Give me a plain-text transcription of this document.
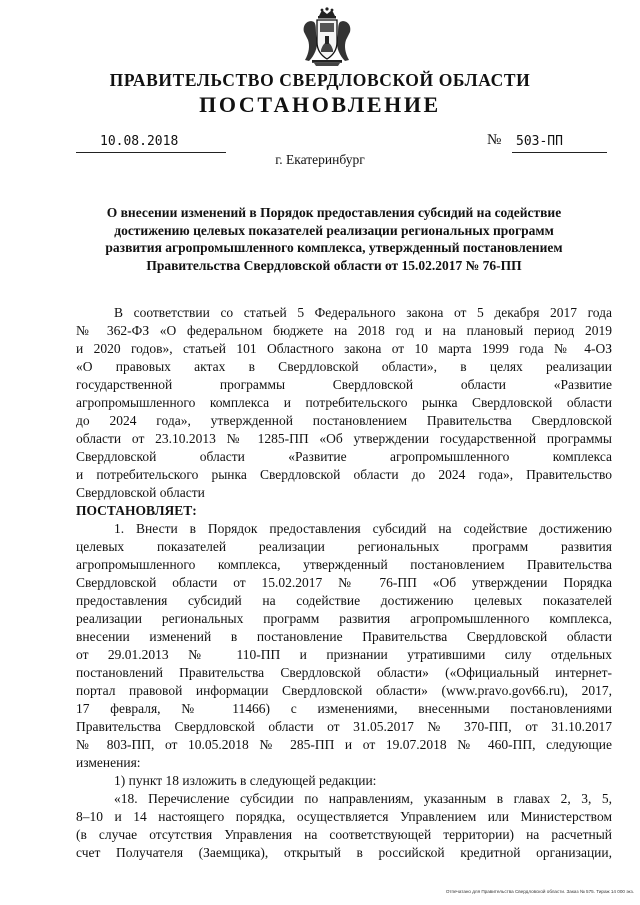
ПРАВИТЕЛЬСТВО СВЕРДЛОВСКОЙ ОБЛАСТИ
ПОСТАНОВЛЕНИЕ
10.08.2018	№ 503-ПП
г. Екатеринбург
О внесении изменений в Порядок предоставления субсидий на содействие
достижению целевых показателей реализации региональных программ
развития агропромышленного комплекса, утвержденный постановлением
Правительства Свердловской области от 15.02.2017 № 76-ПП
В соответствии со статьей 5 Федерального закона от 5 декабря 2017 года
№ 362-ФЗ «О федеральном бюджете на 2018 год и на плановый период 2019
и 2020 годов», статьей 101 Областного закона от 10 марта 1999 года № 4-ОЗ
«О правовых актах в Свердловской области», в целях реализации
государственной программы Свердловской области «Развитие
агропромышленного комплекса и потребительского рынка Свердловской области
до 2024 года», утвержденной постановлением Правительства Свердловской
области от 23.10.2013 № 1285-ПП «Об утверждении государственной программы
Свердловской области «Развитие агропромышленного комплекса
и потребительского рынка Свердловской области до 2024 года», Правительство
Свердловской области
ПОСТАНОВЛЯЕТ:
1. Внести в Порядок предоставления субсидий на содействие достижению
целевых показателей реализации региональных программ развития
агропромышленного комплекса, утвержденный постановлением Правительства
Свердловской области от 15.02.2017 № 76-ПП «Об утверждении Порядка
предоставления субсидий на содействие достижению целевых показателей
реализации региональных программ развития агропромышленного комплекса,
внесении изменений в постановление Правительства Свердловской области
от 29.01.2013 № 110-ПП и признании утратившими силу отдельных
постановлений Правительства Свердловской области» («Официальный интернет-
портал правовой информации Свердловской области» (www.pravo.gov66.ru), 2017,
17 февраля, № 11466) с изменениями, внесенными постановлениями
Правительства Свердловской области от 31.05.2017 № 370-ПП, от 31.10.2017
№ 803-ПП, от 10.05.2018 № 285-ПП и от 19.07.2018 № 460-ПП, следующие
изменения:
1) пункт 18 изложить в следующей редакции:
«18. Перечисление субсидии по направлениям, указанным в главах 2, 3, 5,
8–10 и 14 настоящего порядка, осуществляется Управлением или Министерством
(в случае отсутствия Управления на соответствующей территории) на расчетный
счет Получателя (Заемщика), открытый в российской кредитной организации,
Отпечатано для Правительства Свердловской области. Заказ № 575. Тираж 14 000 экз.
